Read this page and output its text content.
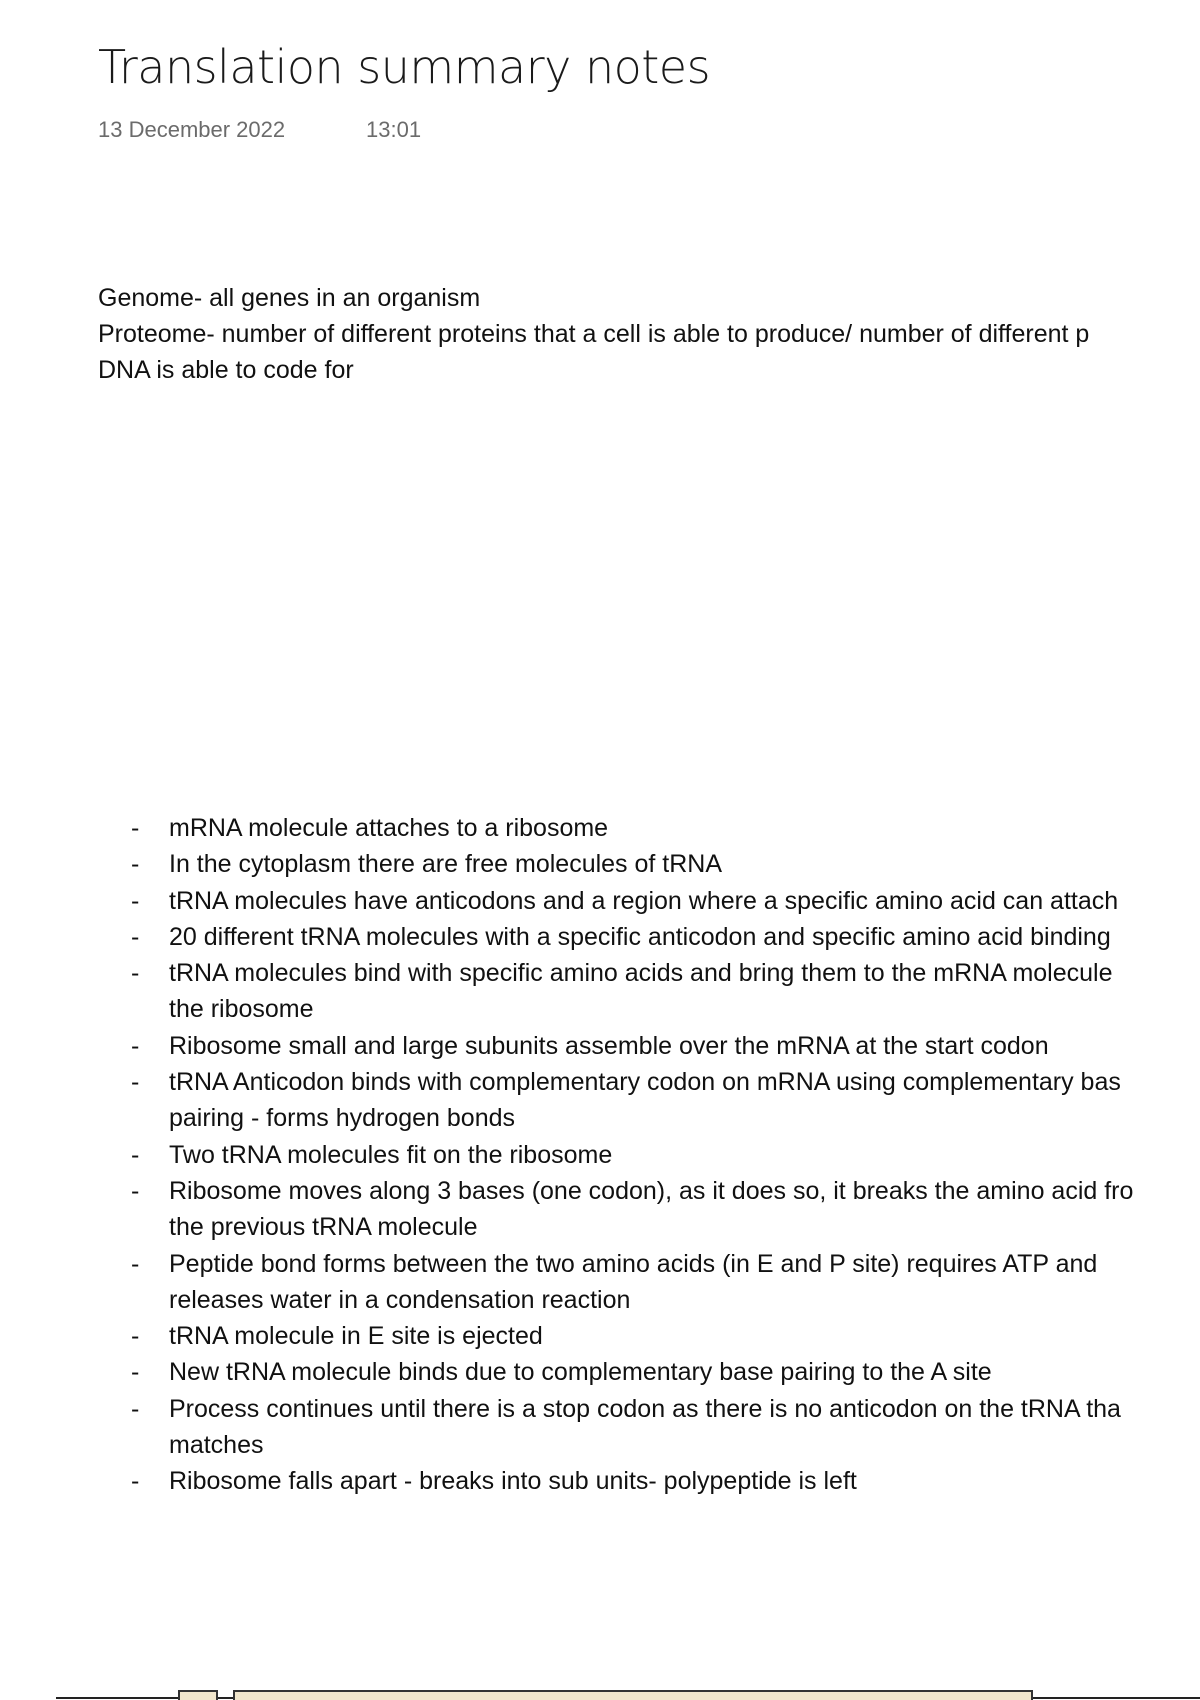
Translation summary notes
13 December 2022	13:01
Genome- all genes in an organism
Proteome- number of different proteins that a cell is able to produce/ number of different p
DNA is able to code for
- mRNA molecule attaches to a ribosome
- In the cytoplasm there are free molecules of tRNA
- tRNA molecules have anticodons and a region where a specific amino acid can attach
- 20 different tRNA molecules with a specific anticodon and specific amino acid binding
- tRNA molecules bind with specific amino acids and bring them to the mRNA molecule
the ribosome
- Ribosome small and large subunits assemble over the mRNA at the start codon
- tRNA Anticodon binds with complementary codon on mRNA using complementary bas
pairing - forms hydrogen bonds
- Two tRNA molecules fit on the ribosome
- Ribosome moves along 3 bases (one codon), as it does so, it breaks the amino acid fro
the previous tRNA molecule
- Peptide bond forms between the two amino acids (in E and P site) requires ATP and
releases water in a condensation reaction
- tRNA molecule in E site is ejected
- New tRNA molecule binds due to complementary base pairing to the A site
- Process continues until there is a stop codon as there is no anticodon on the tRNA tha
matches
- Ribosome falls apart - breaks into sub units- polypeptide is left
